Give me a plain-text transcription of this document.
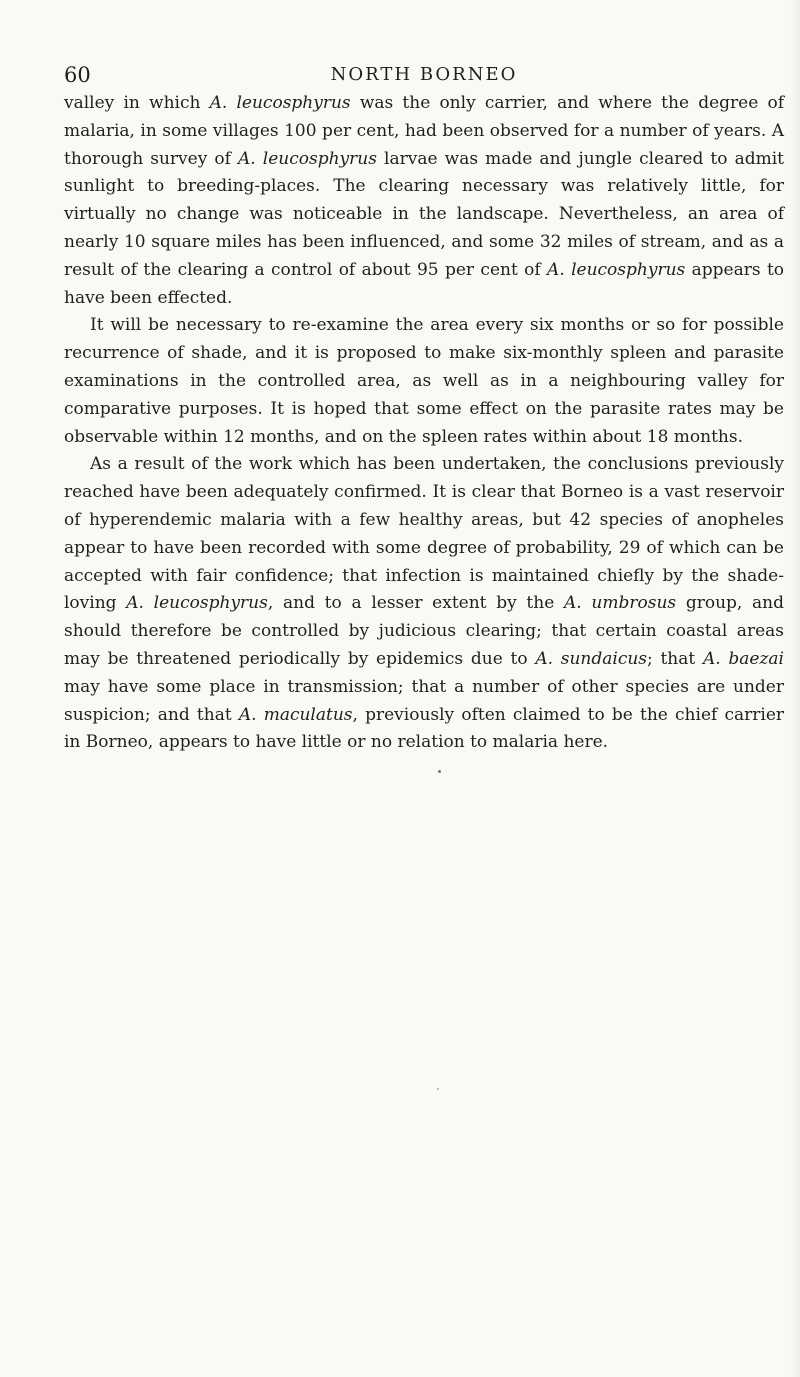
60	NORTH BORNEO

valley in which A. leucosphyrus was the only carrier, and where the degree of malaria, in some villages 100 per cent, had been observed for a number of years. A thorough survey of A. leucosphyrus larvae was made and jungle cleared to admit sunlight to breeding-places. The clearing necessary was relatively little, for virtually no change was noticeable in the landscape. Nevertheless, an area of nearly 10 square miles has been influenced, and some 32 miles of stream, and as a result of the clearing a control of about 95 per cent of A. leucosphyrus appears to have been effected.

It will be necessary to re-examine the area every six months or so for possible recurrence of shade, and it is proposed to make six-monthly spleen and parasite examinations in the controlled area, as well as in a neighbouring valley for comparative purposes. It is hoped that some effect on the parasite rates may be observable within 12 months, and on the spleen rates within about 18 months.

As a result of the work which has been undertaken, the conclusions previously reached have been adequately confirmed. It is clear that Borneo is a vast reservoir of hyperendemic malaria with a few healthy areas, but 42 species of anopheles appear to have been recorded with some degree of probability, 29 of which can be accepted with fair confidence; that infection is maintained chiefly by the shade-loving A. leucosphyrus, and to a lesser extent by the A. umbrosus group, and should therefore be controlled by judicious clearing; that certain coastal areas may be threatened periodically by epidemics due to A. sundaicus; that A. baezai may have some place in transmission; that a number of other species are under suspicion; and that A. maculatus, previously often claimed to be the chief carrier in Borneo, appears to have little or no relation to malaria here.
